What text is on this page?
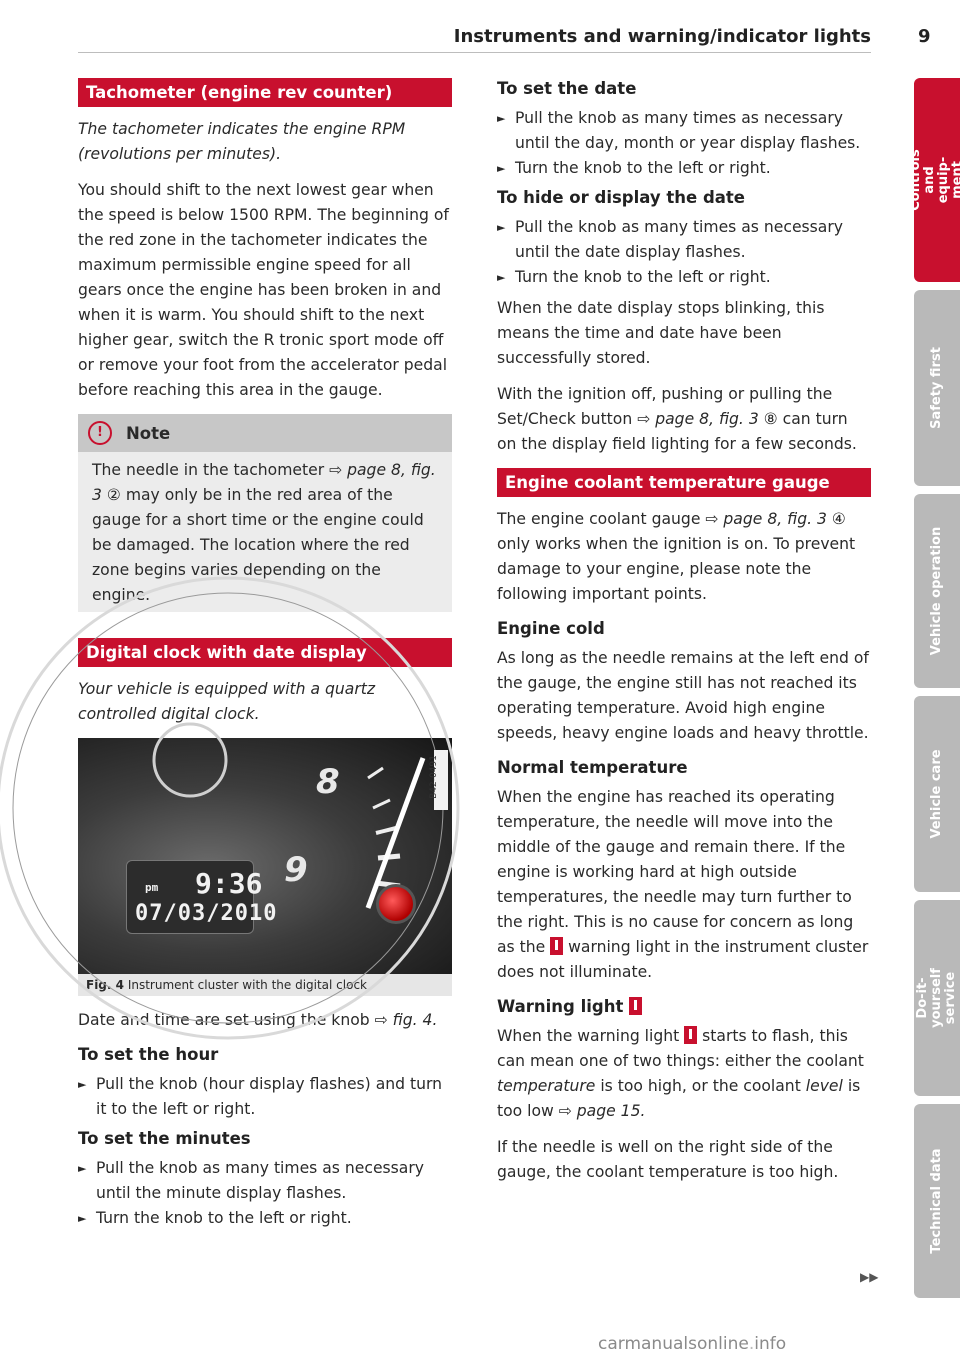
Instruments and warning/indicator lights	9
Tachometer (engine rev counter)

The tachometer indicates the engine RPM (revolutions per minutes).

You should shift to the next lowest gear when the speed is below 1500 RPM. The beginning of the red zone in the tachometer indicates the maximum permissible engine speed for all gears once the engine has been broken in and when it is warm. You should shift to the next higher gear, switch the R tronic sport mode off or remove your foot from the accelerator pedal before reaching this area in the gauge.

!	Note

The needle in the tachometer ⇨ page 8, fig. 3 ② may only be in the red area of the gauge for a short time or the engine could be damaged. The location where the red zone begins varies depending on the engine.

Digital clock with date display

Your vehicle is equipped with a quartz controlled digital clock.

8
9
pm 9:36
07/03/2010
B42-0491
Fig. 4 Instrument cluster with the digital clock

Date and time are set using the knob ⇨ fig. 4.

To set the hour
► Pull the knob (hour display flashes) and turn it to the left or right.
To set the minutes
► Pull the knob as many times as necessary until the minute display flashes.
► Turn the knob to the left or right.
To set the date
► Pull the knob as many times as necessary until the day, month or year display flashes.
► Turn the knob to the left or right.
To hide or display the date
► Pull the knob as many times as necessary until the date display flashes.
► Turn the knob to the left or right.

When the date display stops blinking, this means the time and date have been successfully stored.

With the ignition off, pushing or pulling the Set/Check button ⇨ page 8, fig. 3 ⑧ can turn on the display field lighting for a few seconds.

Engine coolant temperature gauge

The engine coolant gauge ⇨ page 8, fig. 3 ④ only works when the ignition is on. To prevent damage to your engine, please note the following important points.

Engine cold

As long as the needle remains at the left end of the gauge, the engine still has not reached its operating temperature. Avoid high engine speeds, heavy engine loads and heavy throttle.

Normal temperature

When the engine has reached its operating temperature, the needle will move into the middle of the gauge and remain there. If the engine is working hard at high outside temperatures, the needle may turn further to the right. This is no cause for concern as long as the  warning light in the instrument cluster does not illuminate.

Warning light

When the warning light  starts to flash, this can mean one of two things: either the coolant temperature is too high, or the coolant level is too low ⇨ page 15.

If the needle is well on the right side of the gauge, the coolant temperature is too high.

▶▶
Controls and equip-
ment
Safety first
Vehicle operation
Vehicle care
Do-it-yourself
service
Technical data
carmanualsonline.info
